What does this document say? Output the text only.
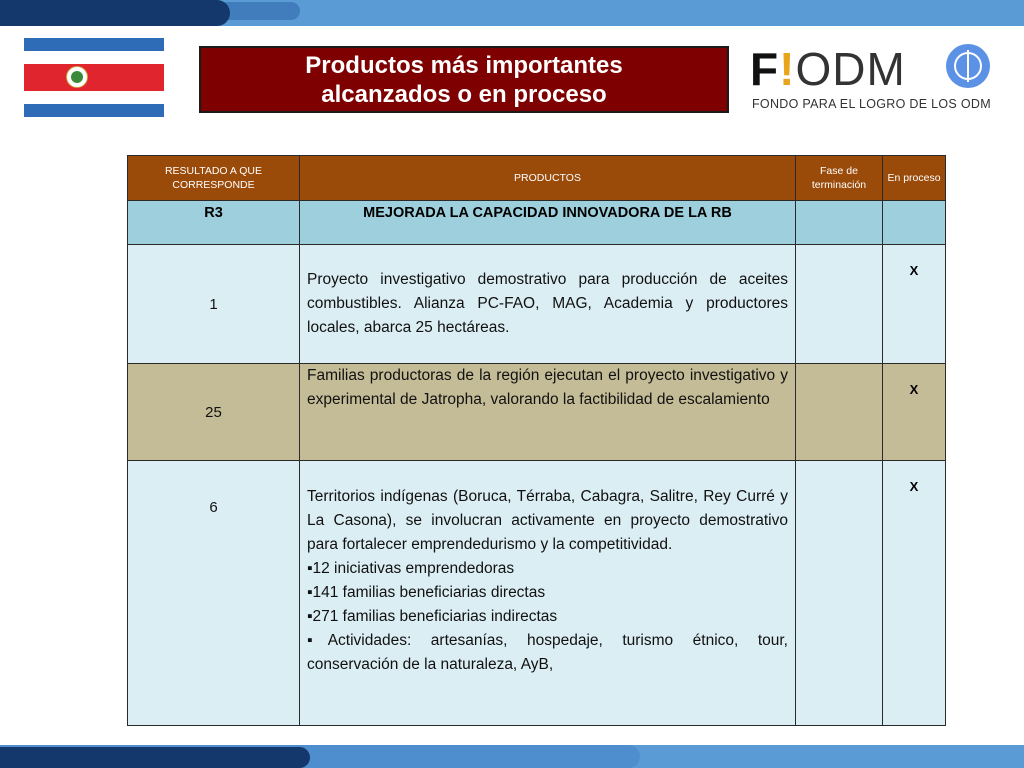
Productos más importantes
alcanzados o en proceso	F!ODM
FONDO PARA EL LOGRO DE LOS ODM
RESULTADO A QUE CORRESPONDE	PRODUCTOS	Fase de terminación	En proceso
R3	MEJORADA LA CAPACIDAD INNOVADORA DE LA RB		
1	Proyecto investigativo demostrativo para producción de aceites combustibles. Alianza PC-FAO, MAG, Academia y productores locales, abarca 25 hectáreas.		X
25	Familias productoras de la región ejecutan el proyecto investigativo y experimental de Jatropha, valorando la factibilidad de escalamiento		X
6	Territorios indígenas (Boruca, Térraba, Cabagra, Salitre, Rey Curré y La Casona), se involucran activamente en proyecto demostrativo para fortalecer emprendedurismo y la competitividad.
▪ 12 iniciativas emprendedoras
▪ 141 familias beneficiarias directas
▪ 271 familias beneficiarias indirectas
▪ Actividades: artesanías, hospedaje, turismo étnico, tour, conservación de la naturaleza, AyB,		X
